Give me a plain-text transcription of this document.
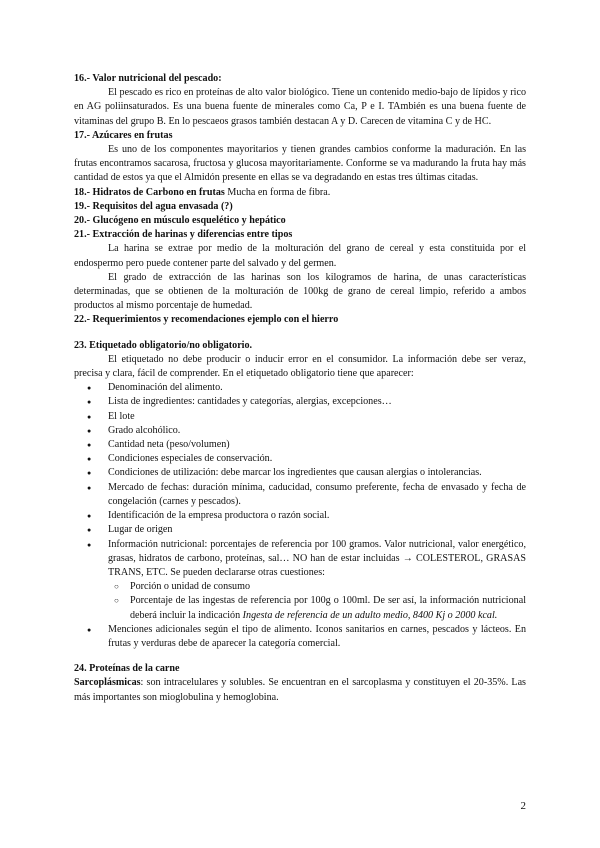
16.- Valor nutricional del pescado:

El pescado es rico en proteínas de alto valor biológico. Tiene un contenido medio-bajo de lípidos y rico en AG poliinsaturados. Es una buena fuente de minerales como Ca, P e I. TAmbién es una buena fuente de vitaminas del grupo B. En lo pescaeos grasos también destacan A y D. Carecen de vitamina C y de HC.

17.- Azúcares en frutas

Es uno de los componentes mayoritarios y tienen grandes cambios conforme la maduración. En las frutas encontramos sacarosa, fructosa y glucosa mayoritariamente. Conforme se va madurando la fruta hay más cantidad de estos ya que el Almidón presente en ellas se va degradando en estas tres últimas citadas.

18.- Hidratos de Carbono en frutas Mucha en forma de fibra.

19.- Requisitos del agua envasada (?)

20.- Glucógeno en músculo esquelético y hepático

21.- Extracción de harinas y diferencias entre tipos

La harina se extrae por medio de la molturación del grano de cereal y esta constituida por el endospermo pero puede contener parte del salvado y del germen.

El grado de extracción de las harinas son los kilogramos de harina, de unas características determinadas, que se obtienen de la molturación de 100kg de grano de cereal limpio, referido a ambos productos al mismo porcentaje de humedad.

22.- Requerimientos y recomendaciones ejemplo con el hierro

23. Etiquetado obligatorio/no obligatorio.

El etiquetado no debe producir o inducir error en el consumidor. La información debe ser veraz, precisa y clara, fácil de comprender. En el etiquetado obligatorio tiene que aparecer:

● Denominación del alimento.
● Lista de ingredientes: cantidades y categorías, alergias, excepciones…
● El lote
● Grado alcohólico.
● Cantidad neta (peso/volumen)
● Condiciones especiales de conservación.
● Condiciones de utilización: debe marcar los ingredientes que causan alergias o intolerancias.
● Mercado de fechas: duración mínima, caducidad, consumo preferente, fecha de envasado y fecha de congelación (carnes y pescados).
● Identificación de la empresa productora o razón social.
● Lugar de origen
● Información nutricional: porcentajes de referencia por 100 gramos. Valor nutricional, valor energético, grasas, hidratos de carbono, proteínas, sal… NO han de estar incluidas → COLESTEROL, GRASAS TRANS, ETC. Se pueden declararse otras cuestiones:
○ Porción o unidad de consumo
○ Porcentaje de las ingestas de referencia por 100g o 100ml. De ser así, la información nutricional deberá incluir la indicación Ingesta de referencia de un adulto medio, 8400 Kj o 2000 kcal.
● Menciones adicionales según el tipo de alimento. Iconos sanitarios en carnes, pescados y lácteos. En frutas y verduras debe de aparecer la categoría comercial.

24. Proteínas de la carne

Sarcoplásmicas: son intracelulares y solubles. Se encuentran en el sarcoplasma y constituyen el 20-35%. Las más importantes son mioglobulina y hemoglobina.

2
